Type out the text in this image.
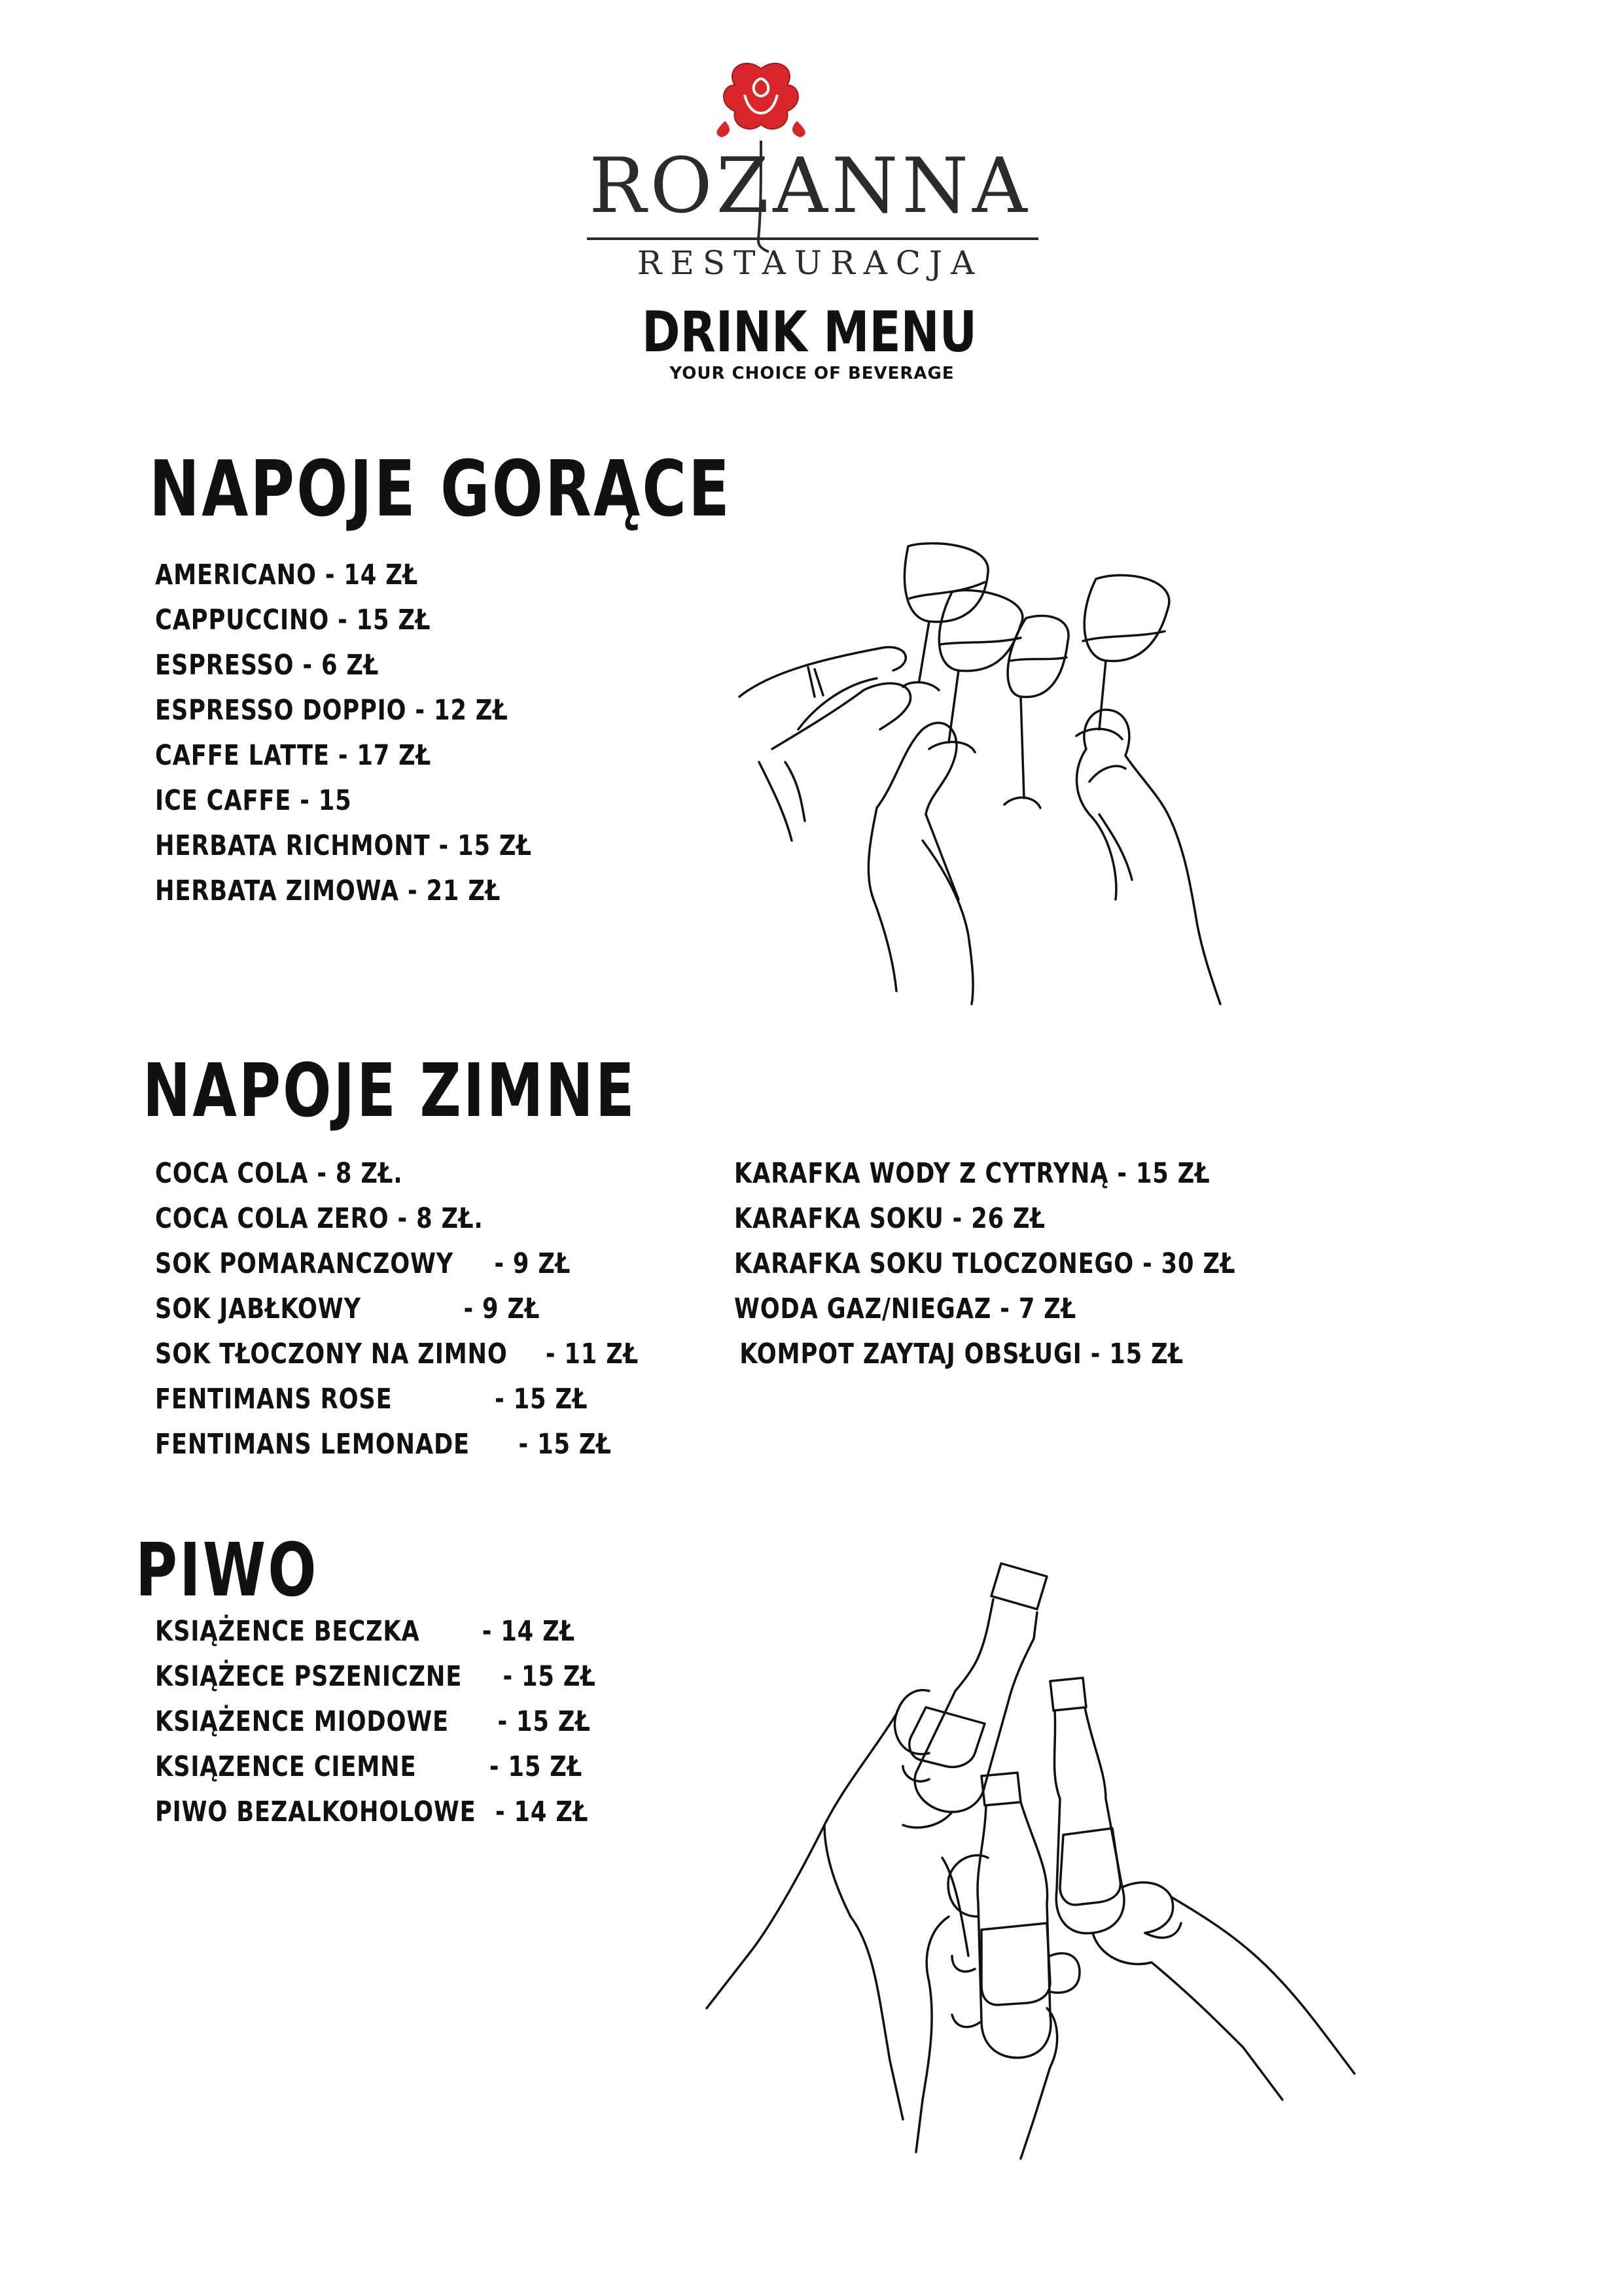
ROZANNA
RESTAURACJA
DRINK MENU
YOUR CHOICE OF BEVERAGE
NAPOJE GORĄCE
AMERICANO - 14 ZŁ
CAPPUCCINO - 15 ZŁ
ESPRESSO - 6 ZŁ
ESPRESSO DOPPIO - 12 ZŁ
CAFFE LATTE - 17 ZŁ
ICE CAFFE - 15
HERBATA RICHMONT - 15 ZŁ
HERBATA ZIMOWA - 21 ZŁ
NAPOJE ZIMNE
COCA COLA - 8 ZŁ.
COCA COLA ZERO - 8 ZŁ.
SOK POMARANCZOWY - 9 ZŁ
SOK JABŁKOWY	- 9 ZŁ
SOK TŁOCZONY NA ZIMNO - 11 ZŁ
FENTIMANS ROSE	- 15 ZŁ
FENTIMANS LEMONADE - 15 ZŁ
KARAFKA WODY Z CYTRYNĄ - 15 ZŁ
KARAFKA SOKU - 26 ZŁ
KARAFKA SOKU TLOCZONEGO - 30 ZŁ
WODA GAZ/NIEGAZ - 7 ZŁ
KOMPOT ZAYTAJ OBSŁUGI - 15 ZŁ
PIWO
KSIĄŻENCE BECZKA - 14 ZŁ
KSIĄŻECE PSZENICZNE - 15 ZŁ
KSIĄŻENCE MIODOWE - 15 ZŁ
KSIĄZENCE CIEMNE	- 15 ZŁ
PIWO BEZALKOHOLOWE - 14 ZŁ
